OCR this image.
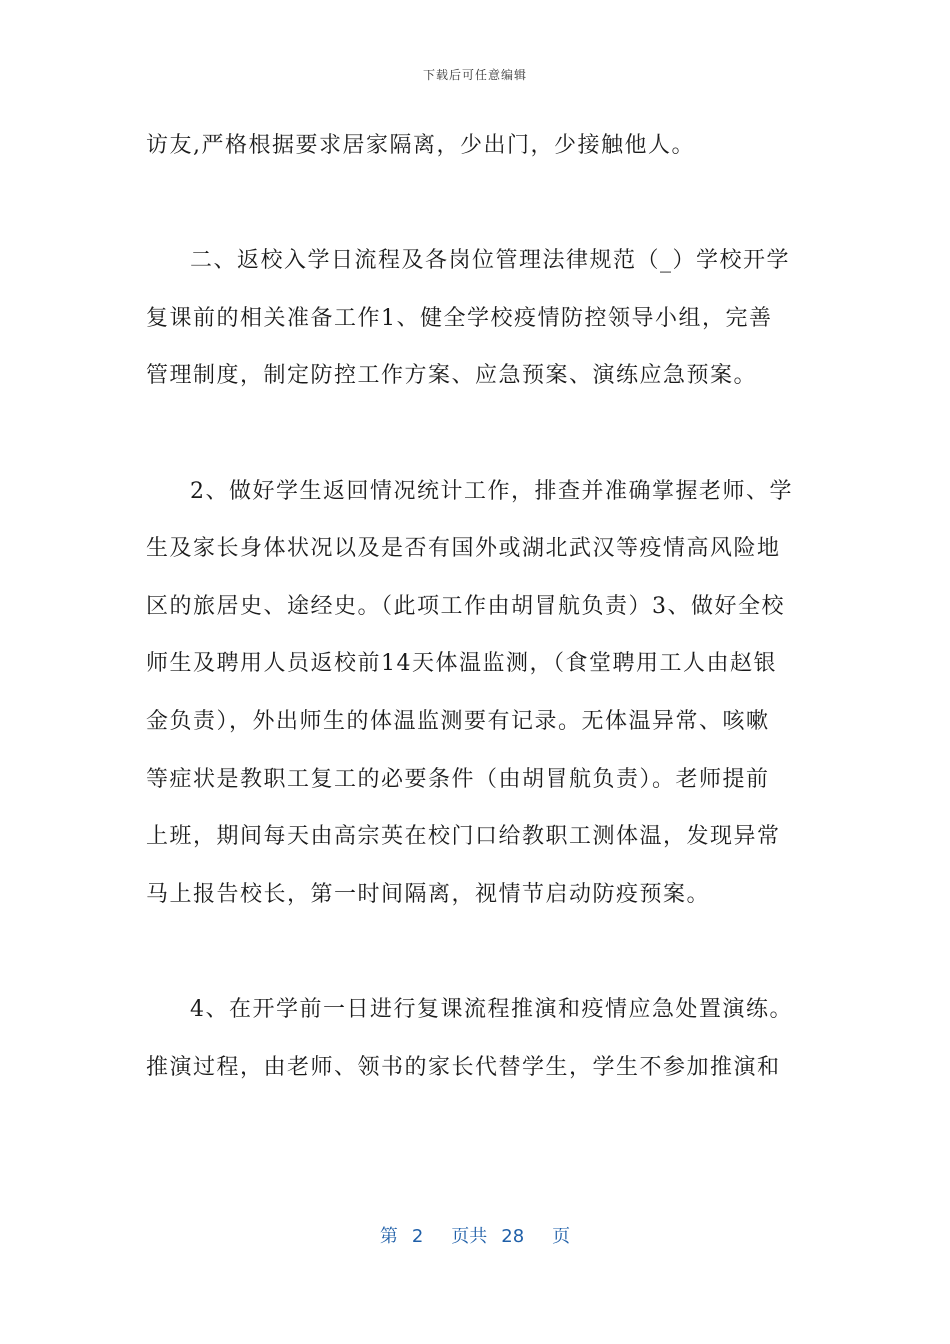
下载后可任意编辑
访友,严格根据要求居家隔离，少出门，少接触他人。
二、返校入学日流程及各岗位管理法律规范（_）学校开学
复课前的相关准备工作1、健全学校疫情防控领导小组，完善
管理制度，制定防控工作方案、应急预案、演练应急预案。
2、做好学生返回情况统计工作，排查并准确掌握老师、学
生及家长身体状况以及是否有国外或湖北武汉等疫情高风险地
区的旅居史、途经史。（此项工作由胡冒航负责）3、做好全校
师生及聘用人员返校前14天体温监测，（食堂聘用工人由赵银
金负责），外出师生的体温监测要有记录。无体温异常、咳嗽
等症状是教职工复工的必要条件（由胡冒航负责）。老师提前
上班，期间每天由高宗英在校门口给教职工测体温，发现异常
马上报告校长，第一时间隔离，视情节启动防疫预案。
4、在开学前一日进行复课流程推演和疫情应急处置演练。
推演过程，由老师、领书的家长代替学生，学生不参加推演和
第 2 页共 28 页
